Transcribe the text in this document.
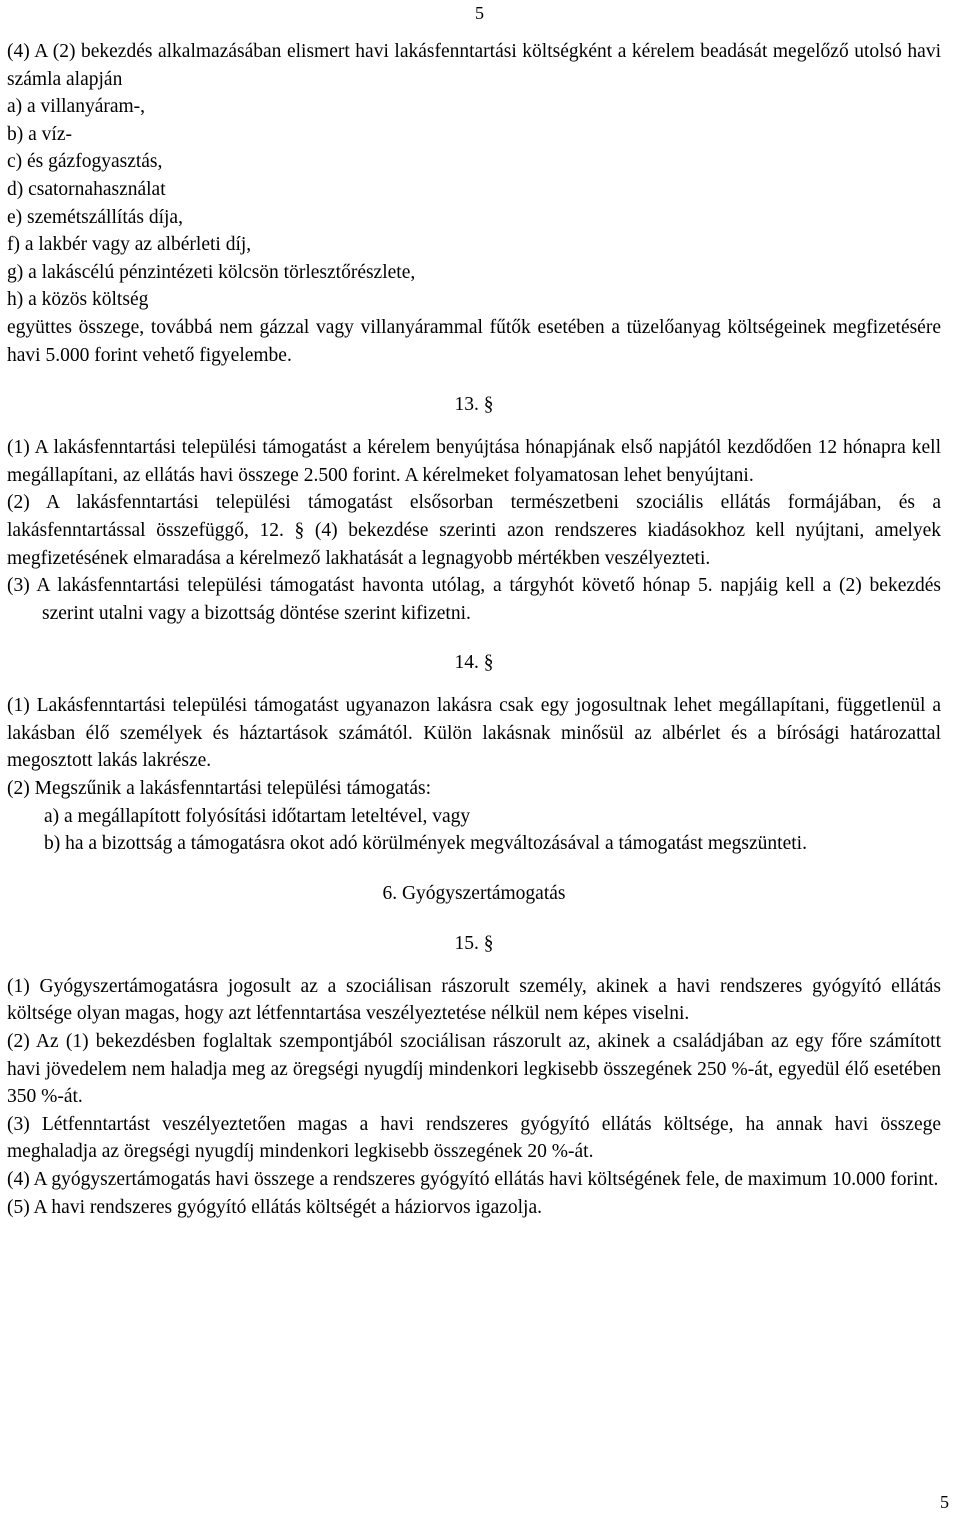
5

(4) A (2) bekezdés alkalmazásában elismert havi lakásfenntartási költségként a kérelem beadását megelőző utolsó havi számla alapján

a) a villanyáram-,

b) a víz-

c) és gázfogyasztás,

d) csatornahasználat

e) szemétszállítás díja,

f) a lakbér vagy az albérleti díj,

g) a lakáscélú pénzintézeti kölcsön törlesztőrészlete,

h) a közös költség

együttes összege, továbbá nem gázzal vagy villanyárammal fűtők esetében a tüzelőanyag költségeinek megfizetésére havi 5.000 forint vehető figyelembe.

13. §

(1) A lakásfenntartási települési támogatást a kérelem benyújtása hónapjának első napjától kezdődően 12 hónapra kell megállapítani, az ellátás havi összege 2.500 forint. A kérelmeket folyamatosan lehet benyújtani.

(2) A lakásfenntartási települési támogatást elsősorban természetbeni szociális ellátás formájában, és a lakásfenntartással összefüggő, 12. § (4) bekezdése szerinti azon rendszeres kiadásokhoz kell nyújtani, amelyek megfizetésének elmaradása a kérelmező lakhatását a legnagyobb mértékben veszélyezteti.

(3) A lakásfenntartási települési támogatást havonta utólag, a tárgyhót követő hónap 5. napjáig kell a (2) bekezdés szerint utalni vagy a bizottság döntése szerint kifizetni.

14. §

(1) Lakásfenntartási települési támogatást ugyanazon lakásra csak egy jogosultnak lehet megállapítani, függetlenül a lakásban élő személyek és háztartások számától. Külön lakásnak minősül az albérlet és a bírósági határozattal megosztott lakás lakrésze.

(2) Megszűnik a lakásfenntartási települési támogatás:

a) a megállapított folyósítási időtartam leteltével, vagy

b) ha a bizottság a támogatásra okot adó körülmények megváltozásával a támogatást megszünteti.

6. Gyógyszertámogatás

15. §

(1) Gyógyszertámogatásra jogosult az a szociálisan rászorult személy, akinek a havi rendszeres gyógyító ellátás költsége olyan magas, hogy azt létfenntartása veszélyeztetése nélkül nem képes viselni.

(2) Az (1) bekezdésben foglaltak szempontjából szociálisan rászorult az, akinek a családjában az egy főre számított havi jövedelem nem haladja meg az öregségi nyugdíj mindenkori legkisebb összegének 250 %-át, egyedül élő esetében 350 %-át.

(3) Létfenntartást veszélyeztetően magas a havi rendszeres gyógyító ellátás költsége, ha annak havi összege meghaladja az öregségi nyugdíj mindenkori legkisebb összegének 20 %-át.

(4) A gyógyszertámogatás havi összege a rendszeres gyógyító ellátás havi költségének fele, de maximum 10.000 forint.

(5) A havi rendszeres gyógyító ellátás költségét a háziorvos igazolja.

5
